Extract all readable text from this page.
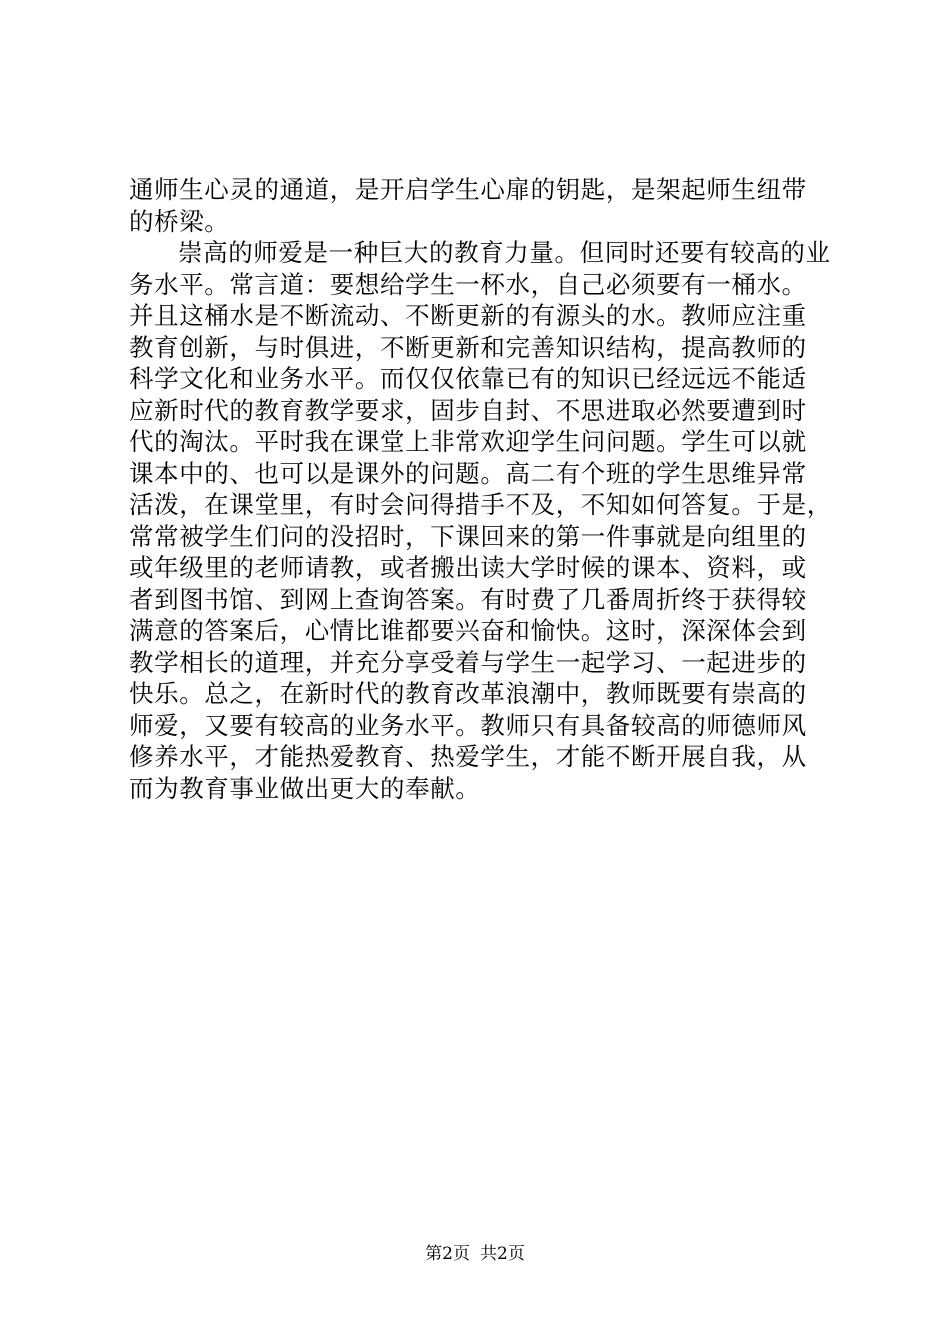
通师生心灵的通道，是开启学生心扉的钥匙，是架起师生纽带
的桥梁。
崇高的师爱是一种巨大的教育力量。但同时还要有较高的业
务水平。常言道：要想给学生一杯水，自己必须要有一桶水。
并且这桶水是不断流动、不断更新的有源头的水。教师应注重
教育创新，与时俱进，不断更新和完善知识结构，提高教师的
科学文化和业务水平。而仅仅依靠已有的知识已经远远不能适
应新时代的教育教学要求，固步自封、不思进取必然要遭到时
代的淘汰。平时我在课堂上非常欢迎学生问问题。学生可以就
课本中的、也可以是课外的问题。高二有个班的学生思维异常
活泼，在课堂里，有时会问得措手不及，不知如何答复。于是，
常常被学生们问的没招时，下课回来的第一件事就是向组里的
或年级里的老师请教，或者搬出读大学时候的课本、资料，或
者到图书馆、到网上查询答案。有时费了几番周折终于获得较
满意的答案后，心情比谁都要兴奋和愉快。这时，深深体会到
教学相长的道理，并充分享受着与学生一起学习、一起进步的
快乐。总之，在新时代的教育改革浪潮中，教师既要有崇高的
师爱，又要有较高的业务水平。教师只有具备较高的师德师风
修养水平，才能热爱教育、热爱学生，才能不断开展自我，从
而为教育事业做出更大的奉献。
第2页 共2页
